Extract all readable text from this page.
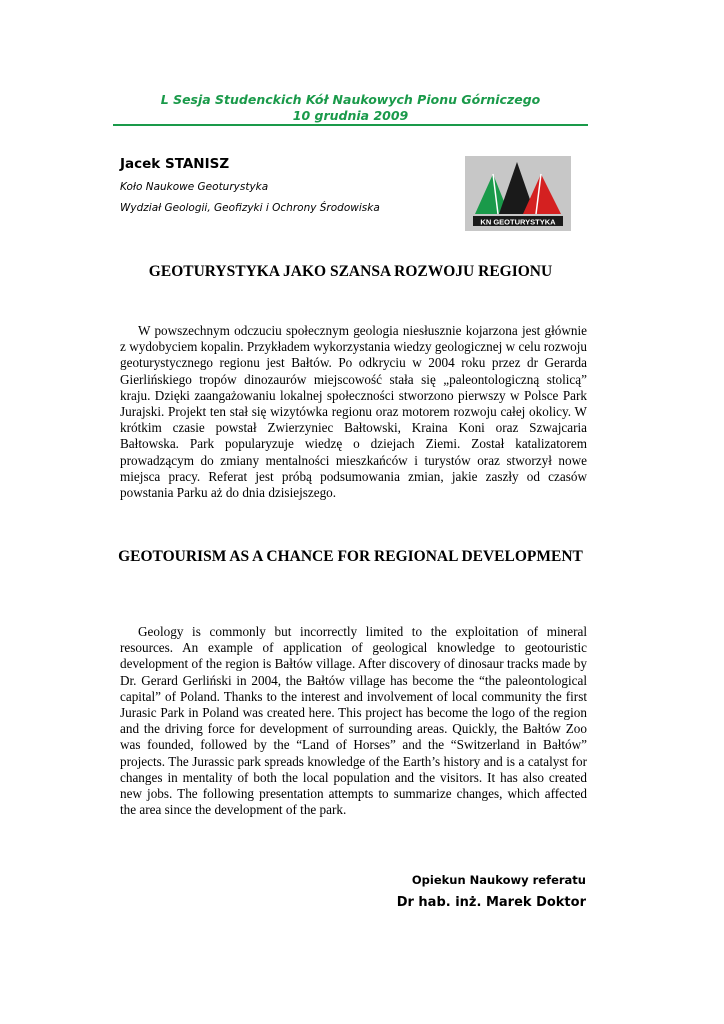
L Sesja Studenckich Kół Naukowych Pionu Górniczego
10 grudnia 2009
Jacek STANISZ
Koło Naukowe Geoturystyka
Wydział Geologii, Geofizyki i Ochrony Środowiska
KN GEOTURYSTYKA
GEOTURYSTYKA JAKO SZANSA ROZWOJU REGIONU

W powszechnym odczuciu społecznym geologia niesłusznie kojarzona jest głównie z wydobyciem kopalin. Przykładem wykorzystania wiedzy geologicznej w celu rozwoju geoturystycznego regionu jest Bałtów. Po odkryciu w 2004 roku przez dr Gerarda Gierlińskiego tropów dinozaurów miejscowość stała się „paleontologiczną stolicą” kraju. Dzięki zaangażowaniu lokalnej społeczności stworzono pierwszy w Polsce Park Jurajski. Projekt ten stał się wizytówka regionu oraz motorem rozwoju całej okolicy. W krótkim czasie powstał Zwierzyniec Bałtowski, Kraina Koni oraz Szwajcaria Bałtowska. Park popularyzuje wiedzę o dziejach Ziemi. Został katalizatorem prowadzącym do zmiany mentalności mieszkańców i turystów oraz stworzył nowe miejsca pracy. Referat jest próbą podsumowania zmian, jakie zaszły od czasów powstania Parku aż do dnia dzisiejszego.

GEOTOURISM AS A CHANCE FOR REGIONAL DEVELOPMENT

Geology is commonly but incorrectly limited to the exploitation of mineral resources. An example of application of geological knowledge to geotouristic development of the region is Bałtów village. After discovery of dinosaur tracks made by Dr. Gerard Gerliński in 2004, the Bałtów village has become the “the paleontological capital” of Poland. Thanks to the interest and involvement of local community the first Jurasic Park in Poland was created here. This project has become the logo of the region and the driving force for development of surrounding areas. Quickly, the Bałtów Zoo was founded, followed by the “Land of Horses” and the “Switzerland in Bałtów” projects. The Jurassic park spreads knowledge of the Earth’s history and is a catalyst for changes in mentality of both the local population and the visitors. It has also created new jobs. The following presentation attempts to summarize changes, which affected the area since the development of the park.

Opiekun Naukowy referatu
Dr hab. inż. Marek Doktor
